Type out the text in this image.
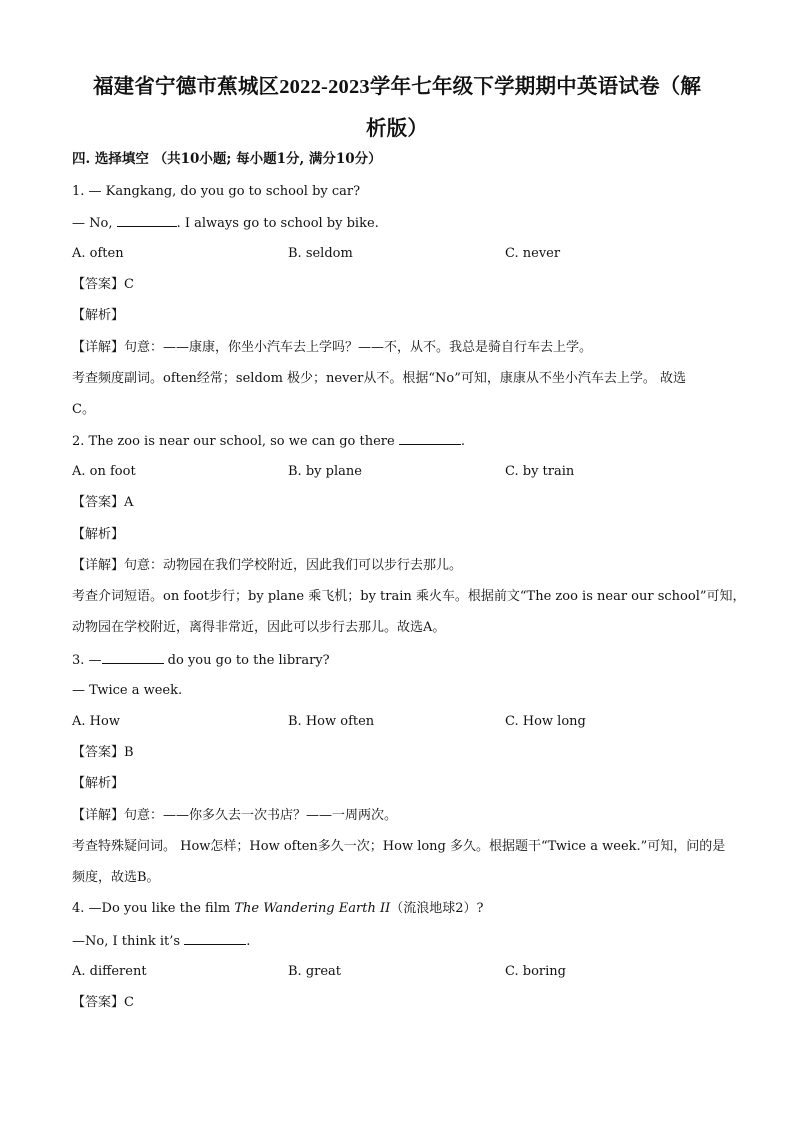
福建省宁德市蕉城区2022-2023学年七年级下学期期中英语试卷（解
析版）
四. 选择填空 （共10小题; 每小题1分, 满分10分）
1. — Kangkang, do you go to school by car?
— No,	. I always go to school by bike.
A. often	B. seldom	C. never
【答案】C
【解析】
【详解】句意：——康康，你坐小汽车去上学吗？——不，从不。我总是骑自行车去上学。
考查频度副词。often经常；seldom 极少；never从不。根据“No”可知，康康从不坐小汽车去上学。 故选
C。
2. The zoo is near our school, so we can go there	.
A. on foot	B. by plane	C. by train
【答案】A
【解析】
【详解】句意：动物园在我们学校附近，因此我们可以步行去那儿。
考查介词短语。on foot步行；by plane 乘飞机；by train 乘火车。根据前文“The zoo is near our school”可知，
动物园在学校附近，离得非常近，因此可以步行去那儿。故选A。
3. —	do you go to the library?
— Twice a week.
A. How	B. How often	C. How long
【答案】B
【解析】
【详解】句意：——你多久去一次书店？——一周两次。
考查特殊疑问词。 How怎样；How often多久一次；How long 多久。根据题干“Twice a week.”可知，问的是
频度，故选B。
4. —Do you like the film The Wandering Earth II（流浪地球2）?
—No, I think it’s	.
A. different	B. great	C. boring
【答案】C
